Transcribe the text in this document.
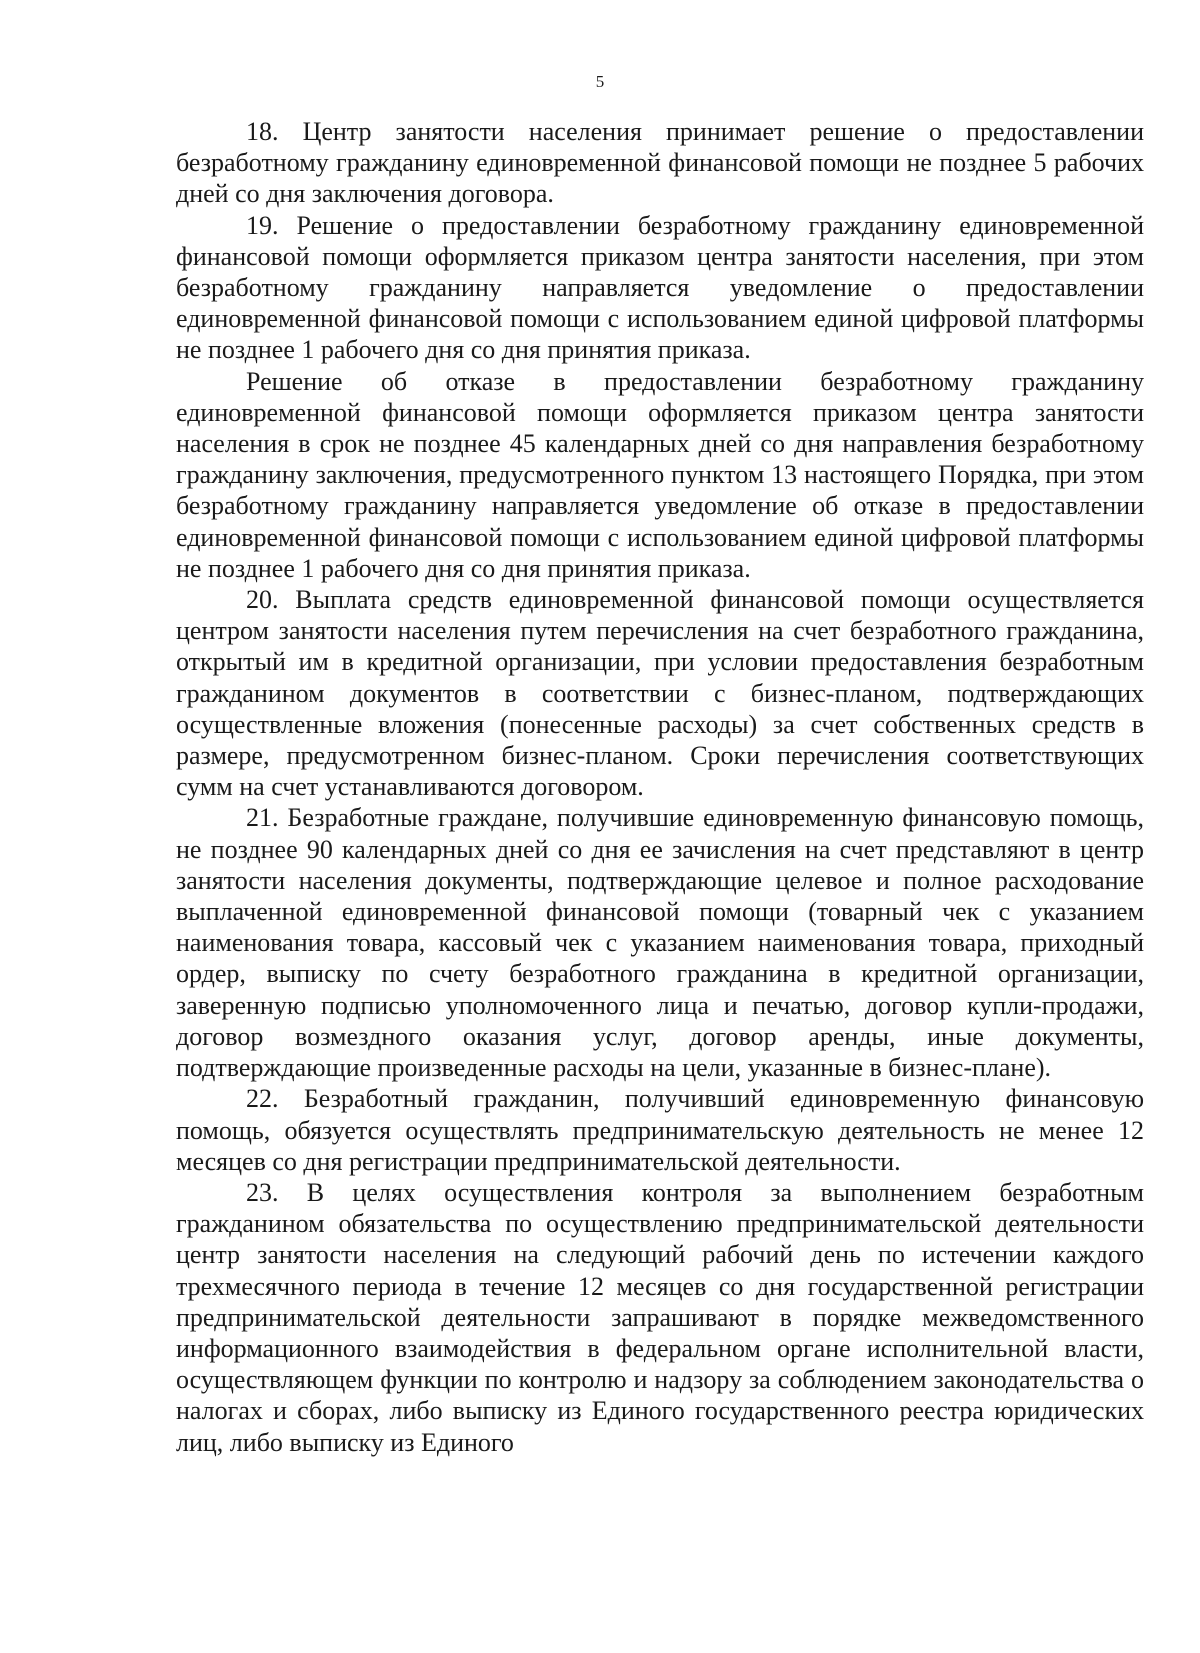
5

18. Центр занятости населения принимает решение о предоставлении безработному гражданину единовременной финансовой помощи не позднее 5 рабочих дней со дня заключения договора.

19. Решение о предоставлении безработному гражданину единовременной финансовой помощи оформляется приказом центра занятости населения, при этом безработному гражданину направляется уведомление о предоставлении единовременной финансовой помощи с использованием единой цифровой платформы не позднее 1 рабочего дня со дня принятия приказа.

Решение об отказе в предоставлении безработному гражданину единовременной финансовой помощи оформляется приказом центра занятости населения в срок не позднее 45 календарных дней со дня направления безработному гражданину заключения, предусмотренного пунктом 13 настоящего Порядка, при этом безработному гражданину направляется уведомление об отказе в предоставлении единовременной финансовой помощи с использованием единой цифровой платформы не позднее 1 рабочего дня со дня принятия приказа.

20. Выплата средств единовременной финансовой помощи осуществляется центром занятости населения путем перечисления на счет безработного гражданина, открытый им в кредитной организации, при условии предоставления безработным гражданином документов в соответствии с бизнес-планом, подтверждающих осуществленные вложения (понесенные расходы) за счет собственных средств в размере, предусмотренном бизнес-планом. Сроки перечисления соответствующих сумм на счет устанавливаются договором.

21. Безработные граждане, получившие единовременную финансовую помощь, не позднее 90 календарных дней со дня ее зачисления на счет представляют в центр занятости населения документы, подтверждающие целевое и полное расходование выплаченной единовременной финансовой помощи (товарный чек с указанием наименования товара, кассовый чек с указанием наименования товара, приходный ордер, выписку по счету безработного гражданина в кредитной организации, заверенную подписью уполномоченного лица и печатью, договор купли-продажи, договор возмездного оказания услуг, договор аренды, иные документы, подтверждающие произведенные расходы на цели, указанные в бизнес-плане).

22. Безработный гражданин, получивший единовременную финансовую помощь, обязуется осуществлять предпринимательскую деятельность не менее 12 месяцев со дня регистрации предпринимательской деятельности.

23. В целях осуществления контроля за выполнением безработным гражданином обязательства по осуществлению предпринимательской деятельности центр занятости населения на следующий рабочий день по истечении каждого трехмесячного периода в течение 12 месяцев со дня государственной регистрации предпринимательской деятельности запрашивают в порядке межведомственного информационного взаимодействия в федеральном органе исполнительной власти, осуществляющем функции по контролю и надзору за соблюдением законодательства о налогах и сборах, либо выписку из Единого государственного реестра юридических лиц, либо выписку из Единого
